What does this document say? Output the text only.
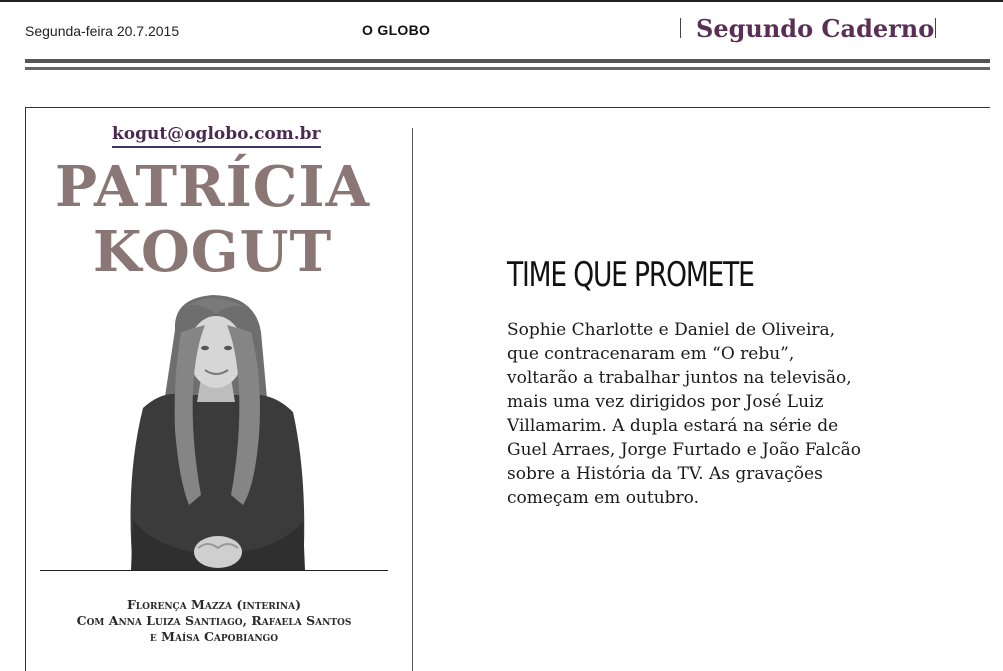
Segunda-feira 20.7.2015	O GLOBO	Segundo Caderno
kogut@oglobo.com.br
PATRÍCIA
KOGUT
Florença Mazza (interina)
Com Anna Luiza Santiago, Rafaela Santos
e Maísa Capobiango
TIME QUE PROMETE
Sophie Charlotte e Daniel de Oliveira, que contracenaram em “O rebu”, voltarão a trabalhar juntos na televisão, mais uma vez dirigidos por José Luiz Villamarim. A dupla estará na série de Guel Arraes, Jorge Furtado e João Falcão sobre a História da TV. As gravações começam em outubro.
